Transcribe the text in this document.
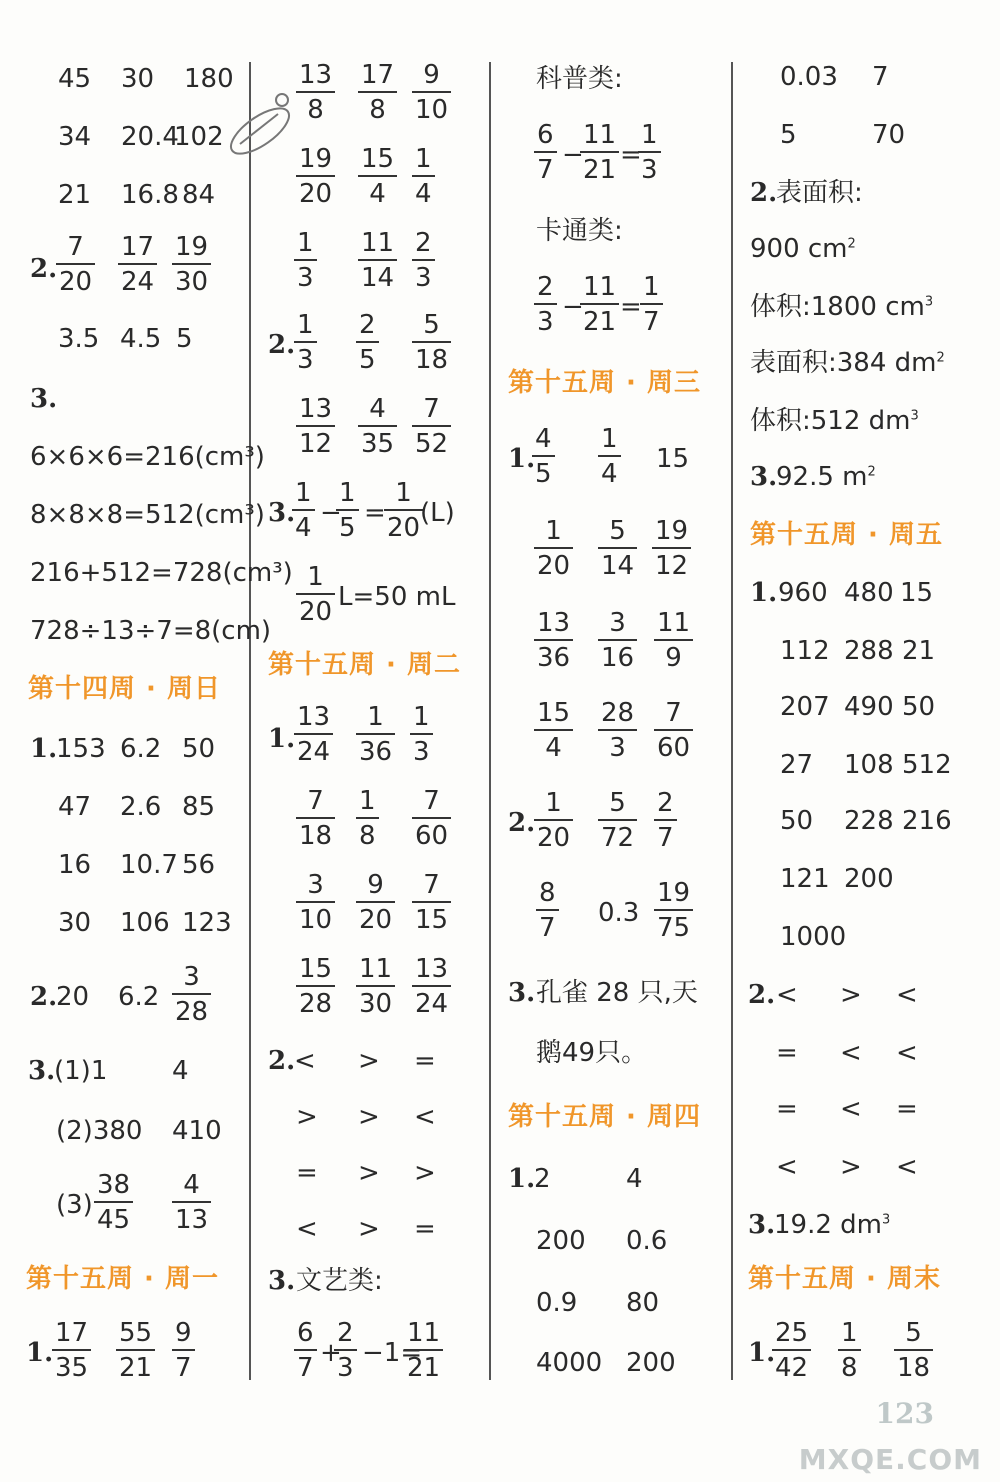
45 30 180
34 20.4
102
21 16.8 84
2.
$\frac{7}{20} \frac{17}{24} \frac{19}{30}$
3.5 4.5 5
3.
6×6×6=216(cm³)
8×8×8=512(cm³)
216+512=728(cm³)
728÷13÷7=8(cm)
第十四周 · 周日
1.
153 6.2 50
47 2.6 85
16 10.7 56
30 106 123
2.
20 $6.2 \frac{3}{28}$
3.
(1)1 4
(2)380 410
$(3) \frac{38}{45} \frac{4}{13}$
第十五周 · 周一
1.
$\frac{17}{35} \frac{55}{21} \frac{9}{7}$
$\frac{13}{8} \frac{17}{8} \frac{9}{10}$
$\frac{19}{20} \frac{15}{4} \frac{1}{4}$
$\frac{1}{3} \frac{11}{14} \frac{2}{3}$
2.
$\frac{1}{3} \frac{2}{5} \frac{5}{18}$
$\frac{13}{12} \frac{4}{35} \frac{7}{52}$
3.
$\frac{1}{4}$ −
$\frac{1}{5}$ =
$\frac{1}{20}$
(L)
$\frac{1}{20} L=50$ mL
第十五周 · 周二
1.
$\frac{13}{24} \frac{1}{36} \frac{1}{3}$
$\frac{7}{18} \frac{1}{8} \frac{7}{60}$
$\frac{3}{10} \frac{9}{20} \frac{7}{15}$
$\frac{15}{28} \frac{11}{30} \frac{13}{24}$
2.
< > =
> > <
= > >
< > =
3. 文艺类:
$\frac{6}{7}$ +
$\frac{2}{3} -1=$
$\frac{11}{21}$
科普类:
$\frac{6}{7}$ −
$\frac{11}{21}$ =
$\frac{1}{3}$
卡通类:
$\frac{2}{3}$ −
$\frac{11}{21}$ =
$\frac{1}{7}$
第十五周 · 周三
1.
$\frac{4}{5} \frac{1}{4} 15$
$\frac{1}{20} \frac{5}{14} \frac{19}{12}$
$\frac{13}{36} \frac{3}{16} \frac{11}{9}$
$\frac{15}{4} \frac{28}{3} \frac{7}{60}$
2.
$\frac{1}{20} \frac{5}{72} \frac{2}{7}$
$\frac{8}{7} 0.3 \frac{19}{75}$
3. 孔雀 28 只,天
鹅49只。
第十五周 · 周四
1.
2	4
200 0.6
0.9 80
4000 200
0.03 7
5	70
2.
表面积:
900 $cm^2$
体积:1800 $cm^3$
表面积:384 $dm^2$
体积:512 $dm^3$
3.
92.5 $m^2$
第十五周 · 周五
1. 960 480 15
112 288 21
207 490 50
27 108 512
50 228 216
121 200
1000
2. < > <
= < <
= < =
< > <
3.
19.2 $dm^3$
第十五周 · 周末
1.
$\frac{25}{42} \frac{1}{8} \frac{5}{18}$
123
MXQE.COM
